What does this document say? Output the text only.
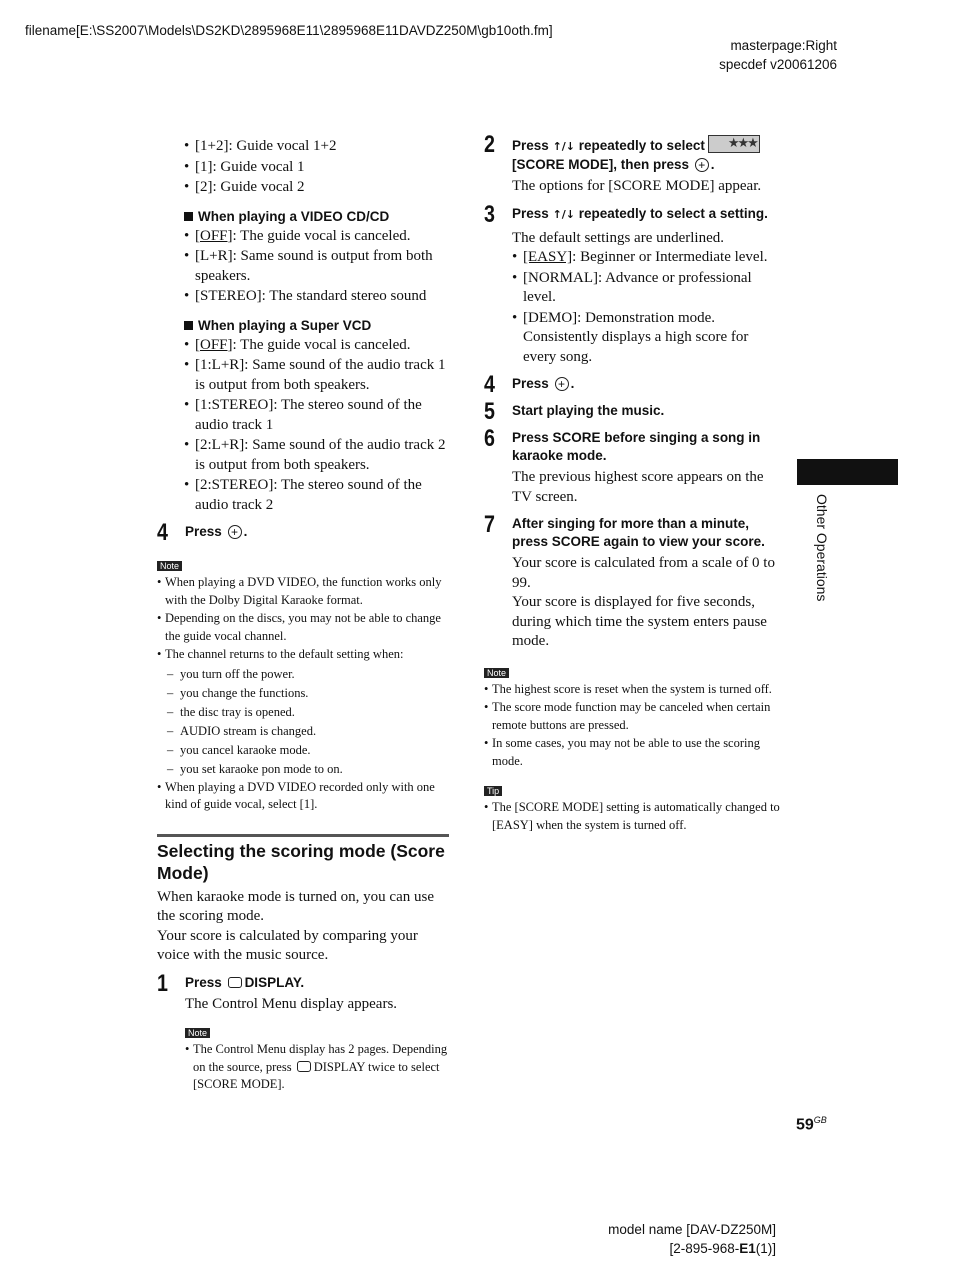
filename[E:\SS2007\Models\DS2KD\2895968E11\2895968E11DAVDZ250M\gb10oth.fm]
masterpage:Right
specdef v20061206
• [1+2]: Guide vocal 1+2
• [1]: Guide vocal 1
• [2]: Guide vocal 2
When playing a VIDEO CD/CD
• [OFF]: The guide vocal is canceled.
• [L+R]: Same sound is output from both speakers.
• [STEREO]: The standard stereo sound
When playing a Super VCD
• [OFF]: The guide vocal is canceled.
• [1:L+R]: Same sound of the audio track 1 is output from both speakers.
• [1:STEREO]: The stereo sound of the audio track 1
• [2:L+R]: Same sound of the audio track 2 is output from both speakers.
• [2:STEREO]: The stereo sound of the audio track 2
4 Press + .
Note
• When playing a DVD VIDEO, the function works only with the Dolby Digital Karaoke format.
• Depending on the discs, you may not be able to change the guide vocal channel.
• The channel returns to the default setting when:
– you turn off the power.
– you change the functions.
– the disc tray is opened.
– AUDIO stream is changed.
– you cancel karaoke mode.
– you set karaoke pon mode to on.
• When playing a DVD VIDEO recorded only with one kind of guide vocal, select [1].
Selecting the scoring mode (Score Mode)

When karaoke mode is turned on, you can use the scoring mode.

Your score is calculated by comparing your voice with the music source.

1 Press DISPLAY.

The Control Menu display appears.

Note
• The Control Menu display has 2 pages. Depending on the source, press DISPLAY twice to select [SCORE MODE].
2 Press ↑/↓ repeatedly to select ★★★

[SCORE MODE], then press + .

The options for [SCORE MODE] appear.

3 Press ↑/↓ repeatedly to select a setting.

The default settings are underlined.

• [EASY]: Beginner or Intermediate level.
• [NORMAL]: Advance or professional level.
• [DEMO]: Demonstration mode. Consistently displays a high score for every song.
4 Press + .
5 Start playing the music.
6 Press SCORE before singing a song in karaoke mode.

The previous highest score appears on the TV screen.

7 After singing for more than a minute, press SCORE again to view your score.

Your score is calculated from a scale of 0 to 99.

Your score is displayed for five seconds, during which time the system enters pause mode.

Note
• The highest score is reset when the system is turned off.
• The score mode function may be canceled when certain remote buttons are pressed.
• In some cases, you may not be able to use the scoring mode.
Tip
• The [SCORE MODE] setting is automatically changed to [EASY] when the system is turned off.
Other Operations
$59^{GB}$
model name [DAV-DZ250M]
[2-895-968-E1(1)]
